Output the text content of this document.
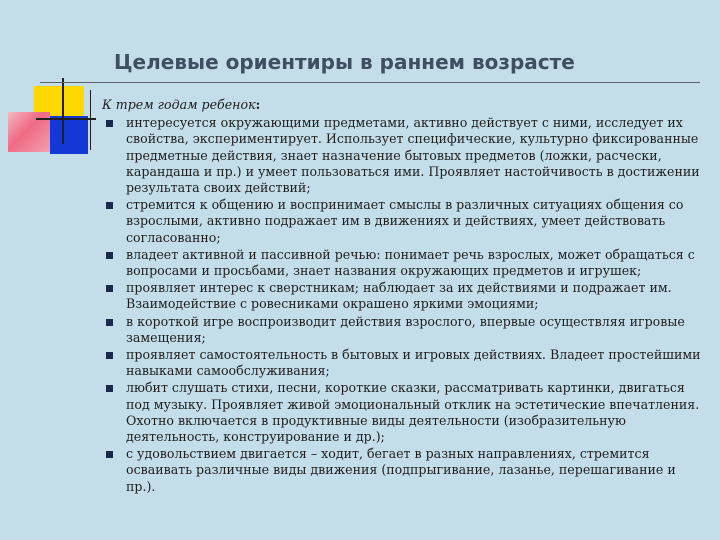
Целевые ориентиры в раннем возрасте
К трем годам ребенок:
интересуется окружающими предметами, активно действует с ними, исследует их свойства, экспериментирует. Использует специфические, культурно фиксированные предметные действия, знает назначение бытовых предметов (ложки, расчески, карандаша и пр.) и умеет пользоваться ими. Проявляет настойчивость в достижении результата своих действий;
стремится к общению и воспринимает смыслы в различных ситуациях общения со взрослыми, активно подражает им в движениях и действиях, умеет действовать согласованно;
владеет активной и пассивной речью: понимает речь взрослых, может обращаться с вопросами и просьбами, знает названия окружающих предметов и игрушек;
проявляет интерес к сверстникам; наблюдает за их действиями и подражает им. Взаимодействие с ровесниками окрашено яркими эмоциями;
в короткой игре воспроизводит действия взрослого, впервые осуществляя игровые замещения;
проявляет самостоятельность в бытовых и игровых действиях. Владеет простейшими навыками самообслуживания;
любит слушать стихи, песни, короткие сказки, рассматривать картинки, двигаться под музыку. Проявляет живой эмоциональный отклик на эстетические впечатления. Охотно включается в продуктивные виды деятельности (изобразительную деятельность, конструирование и др.);
с удовольствием двигается – ходит, бегает в разных направлениях, стремится осваивать различные виды движения (подпрыгивание, лазанье, перешагивание и пр.).
